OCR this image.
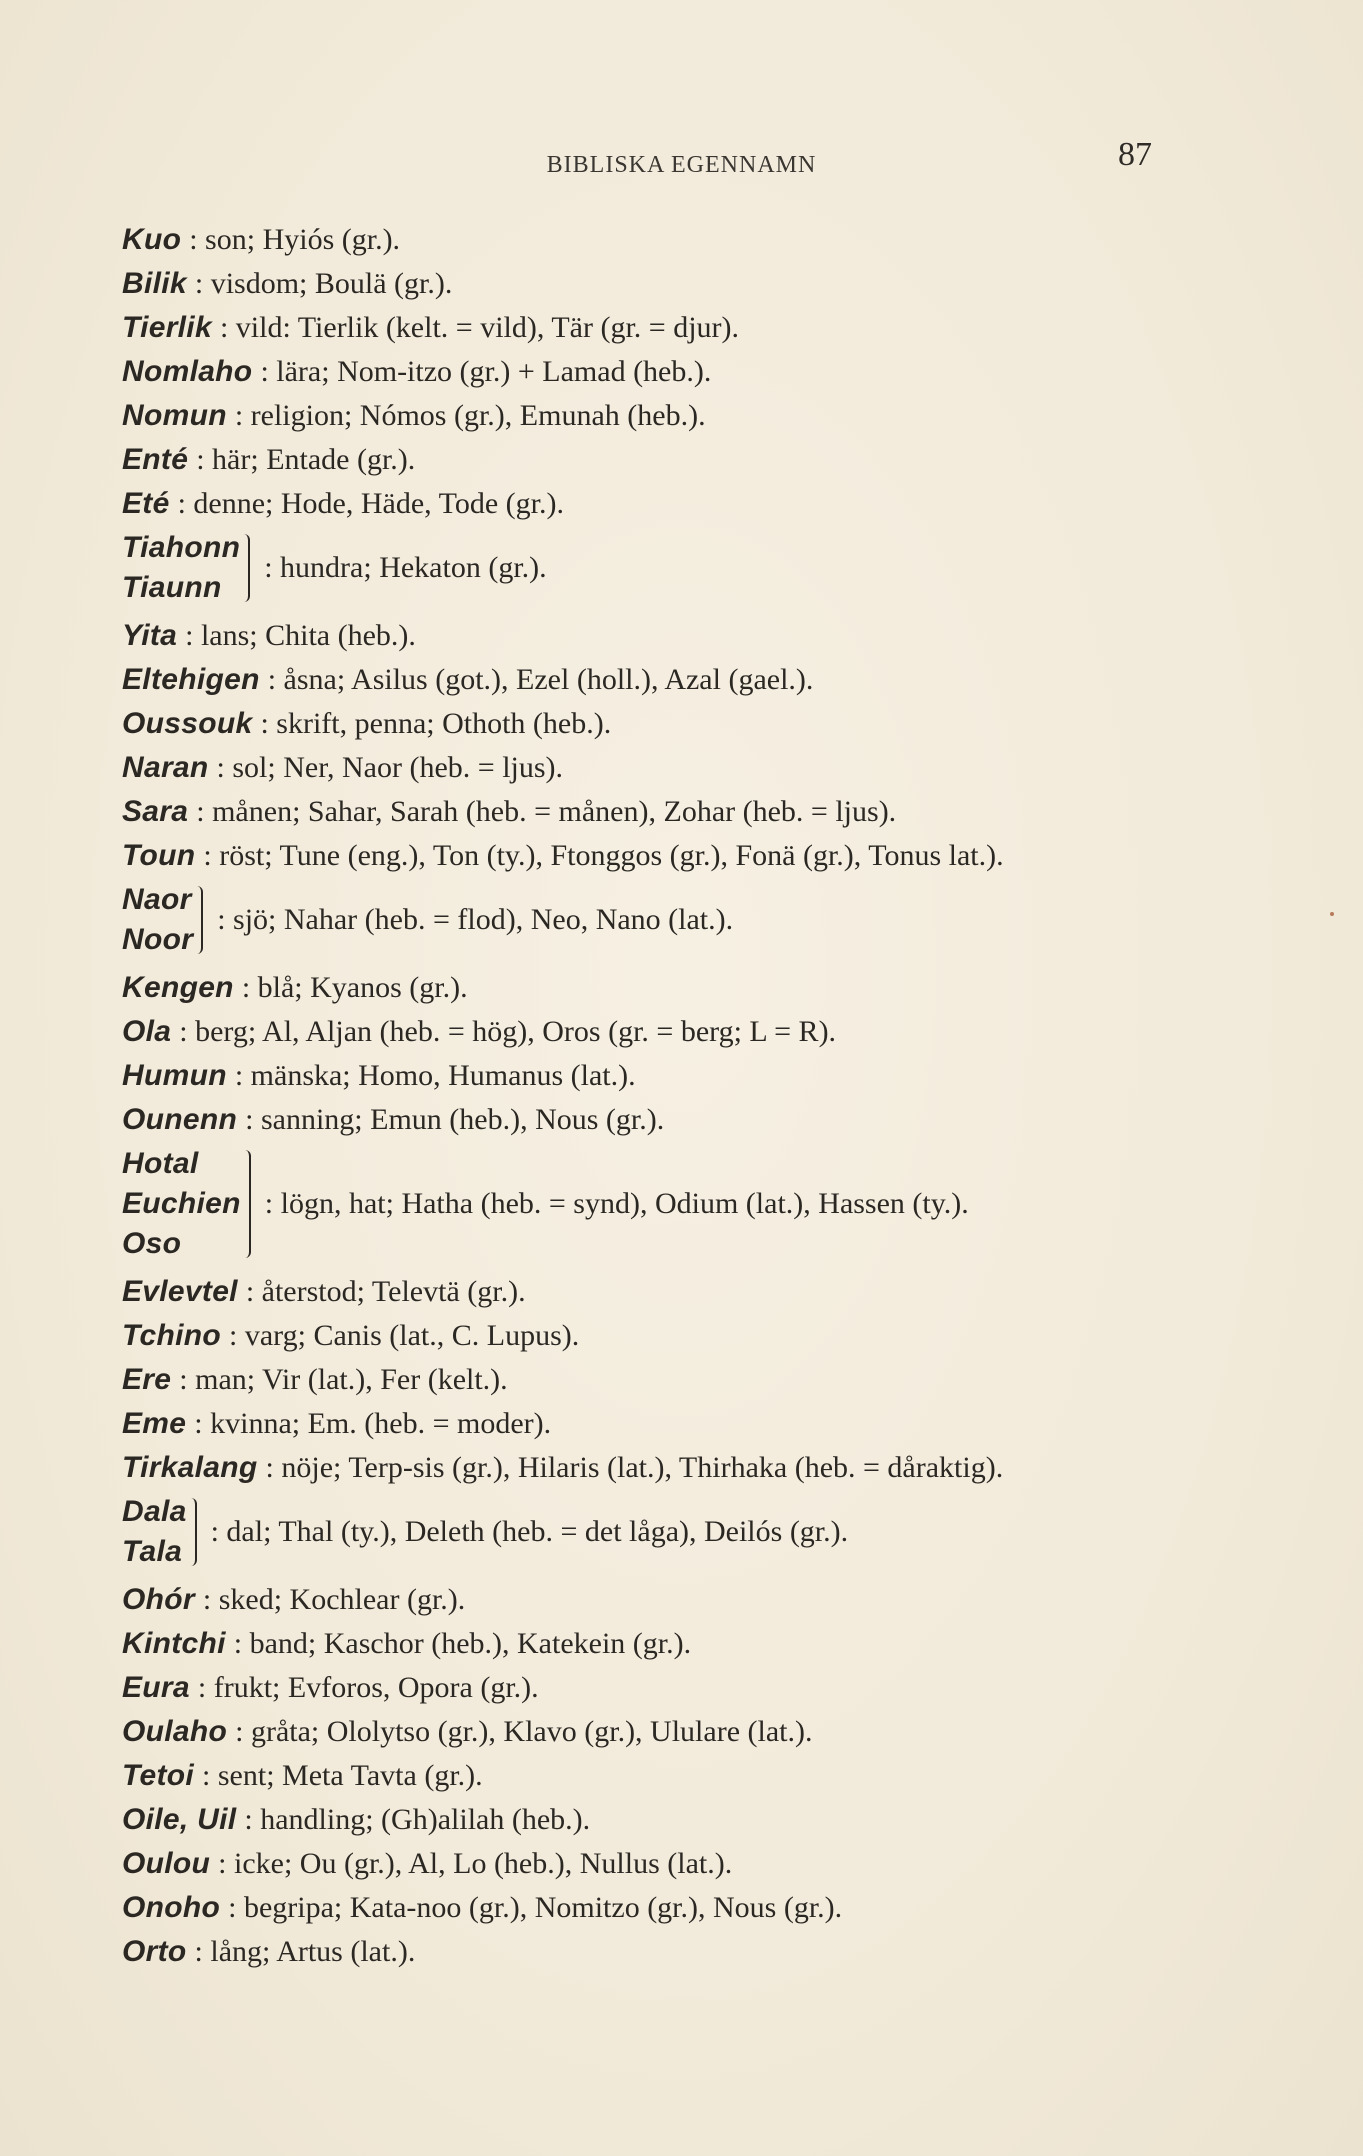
BIBLISKA EGENNAMN	87
Kuo : son; Hyiós (gr.).
Bilik : visdom; Boulä (gr.).
Tierlik : vild: Tierlik (kelt. = vild), Tär (gr. = djur).
Nomlaho : lära; Nom-itzo (gr.) + Lamad (heb.).
Nomun : religion; Nómos (gr.), Emunah (heb.).
Enté : här; Entade (gr.).
Eté : denne; Hode, Häde, Tode (gr.).
Tiahonn
Tiaunn
: hundra; Hekaton (gr.).
Yita : lans; Chita (heb.).
Eltehigen : åsna; Asilus (got.), Ezel (holl.), Azal (gael.).
Oussouk : skrift, penna; Othoth (heb.).
Naran : sol; Ner, Naor (heb. = ljus).
Sara : månen; Sahar, Sarah (heb. = månen), Zohar (heb. = ljus).
Toun : röst; Tune (eng.), Ton (ty.), Ftonggos (gr.), Fonä (gr.), Tonus lat.).
Naor
Noor
: sjö; Nahar (heb. = flod), Neo, Nano (lat.).
Kengen : blå; Kyanos (gr.).
Ola : berg; Al, Aljan (heb. = hög), Oros (gr. = berg; L = R).
Humun : mänska; Homo, Humanus (lat.).
Ounenn : sanning; Emun (heb.), Nous (gr.).
Hotal
Euchien
Oso
: lögn, hat; Hatha (heb. = synd), Odium (lat.), Hassen (ty.).
Evlevtel : återstod; Televtä (gr.).
Tchino : varg; Canis (lat., C. Lupus).
Ere : man; Vir (lat.), Fer (kelt.).
Eme : kvinna; Em. (heb. = moder).
Tirkalang : nöje; Terp-sis (gr.), Hilaris (lat.), Thirhaka (heb. = dåraktig).
Dala
Tala
: dal; Thal (ty.), Deleth (heb. = det låga), Deilós (gr.).
Ohór : sked; Kochlear (gr.).
Kintchi : band; Kaschor (heb.), Katekein (gr.).
Eura : frukt; Evforos, Opora (gr.).
Oulaho : gråta; Ololytso (gr.), Klavo (gr.), Ululare (lat.).
Tetoi : sent; Meta Tavta (gr.).
Oile, Uil : handling; (Gh)alilah (heb.).
Oulou : icke; Ou (gr.), Al, Lo (heb.), Nullus (lat.).
Onoho : begripa; Kata-noo (gr.), Nomitzo (gr.), Nous (gr.).
Orto : lång; Artus (lat.).
